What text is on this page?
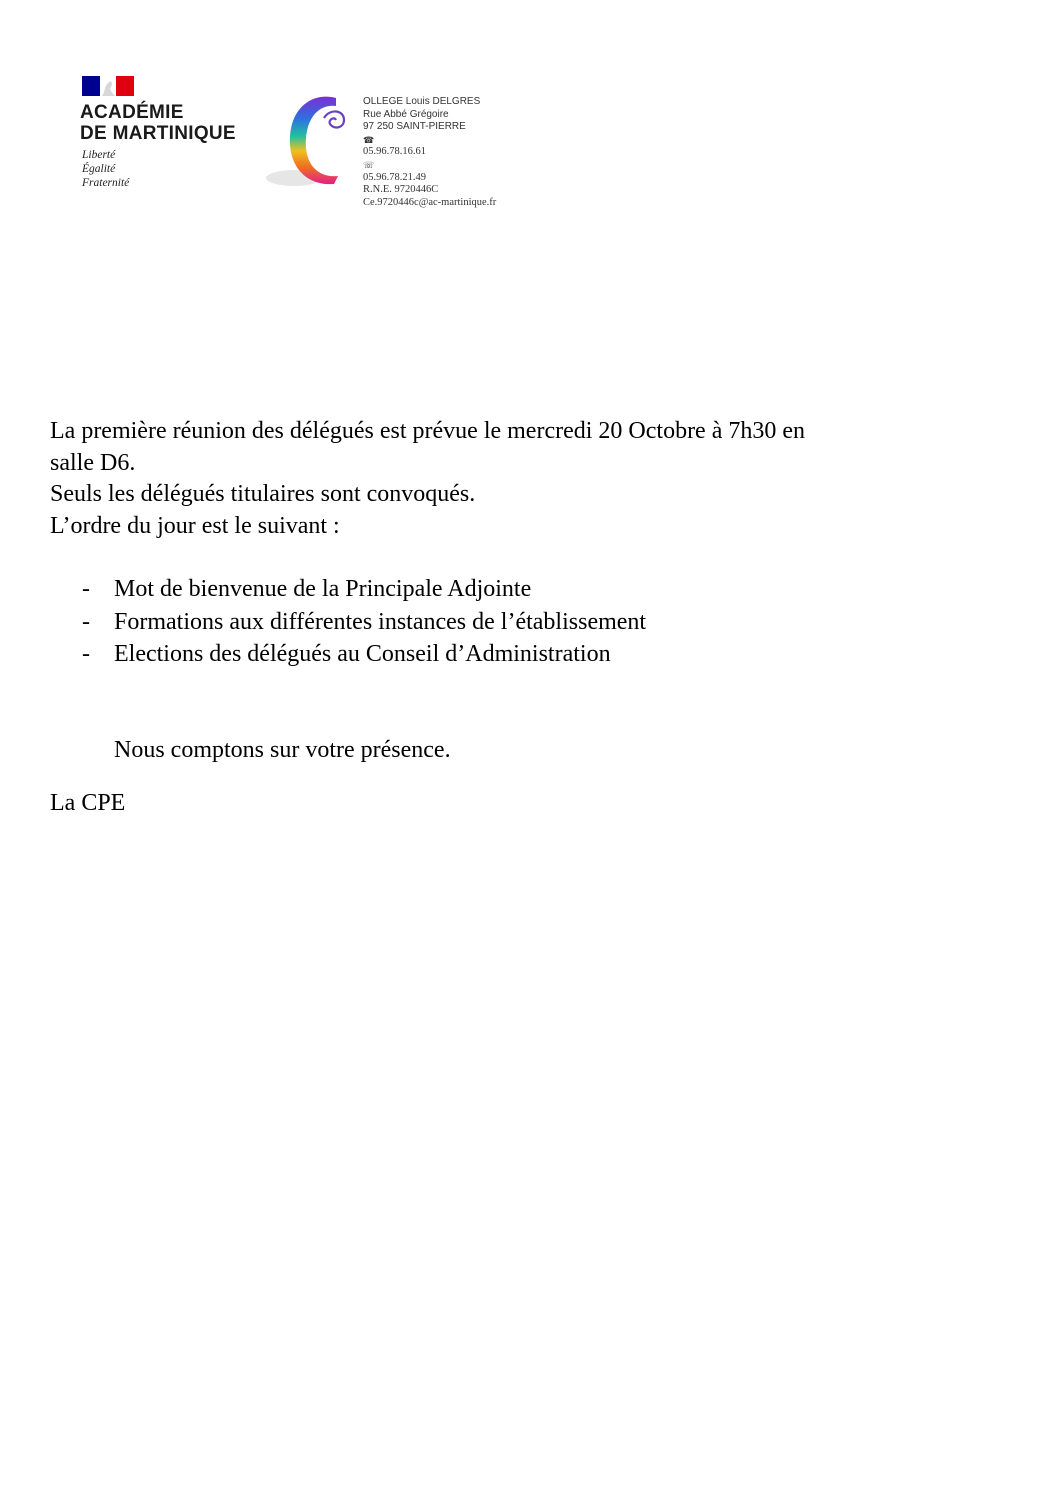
ACADÉMIE
DE MARTINIQUE
Liberté
Égalité
Fraternité
OLLEGE Louis DELGRES
Rue Abbé Grégoire
97 250 SAINT-PIERRE
☎
05.96.78.16.61
☏
05.96.78.21.49
R.N.E. 9720446C
Ce.9720446c@ac-martinique.fr

La première réunion des délégués est prévue le mercredi 20 Octobre à 7h30 en

salle D6.

Seuls les délégués titulaires sont convoqués.

L’ordre du jour est le suivant :

- Mot de bienvenue de la Principale Adjointe
- Formations aux différentes instances de l’établissement
- Elections des délégués au Conseil d’Administration

Nous comptons sur votre présence.

La CPE
